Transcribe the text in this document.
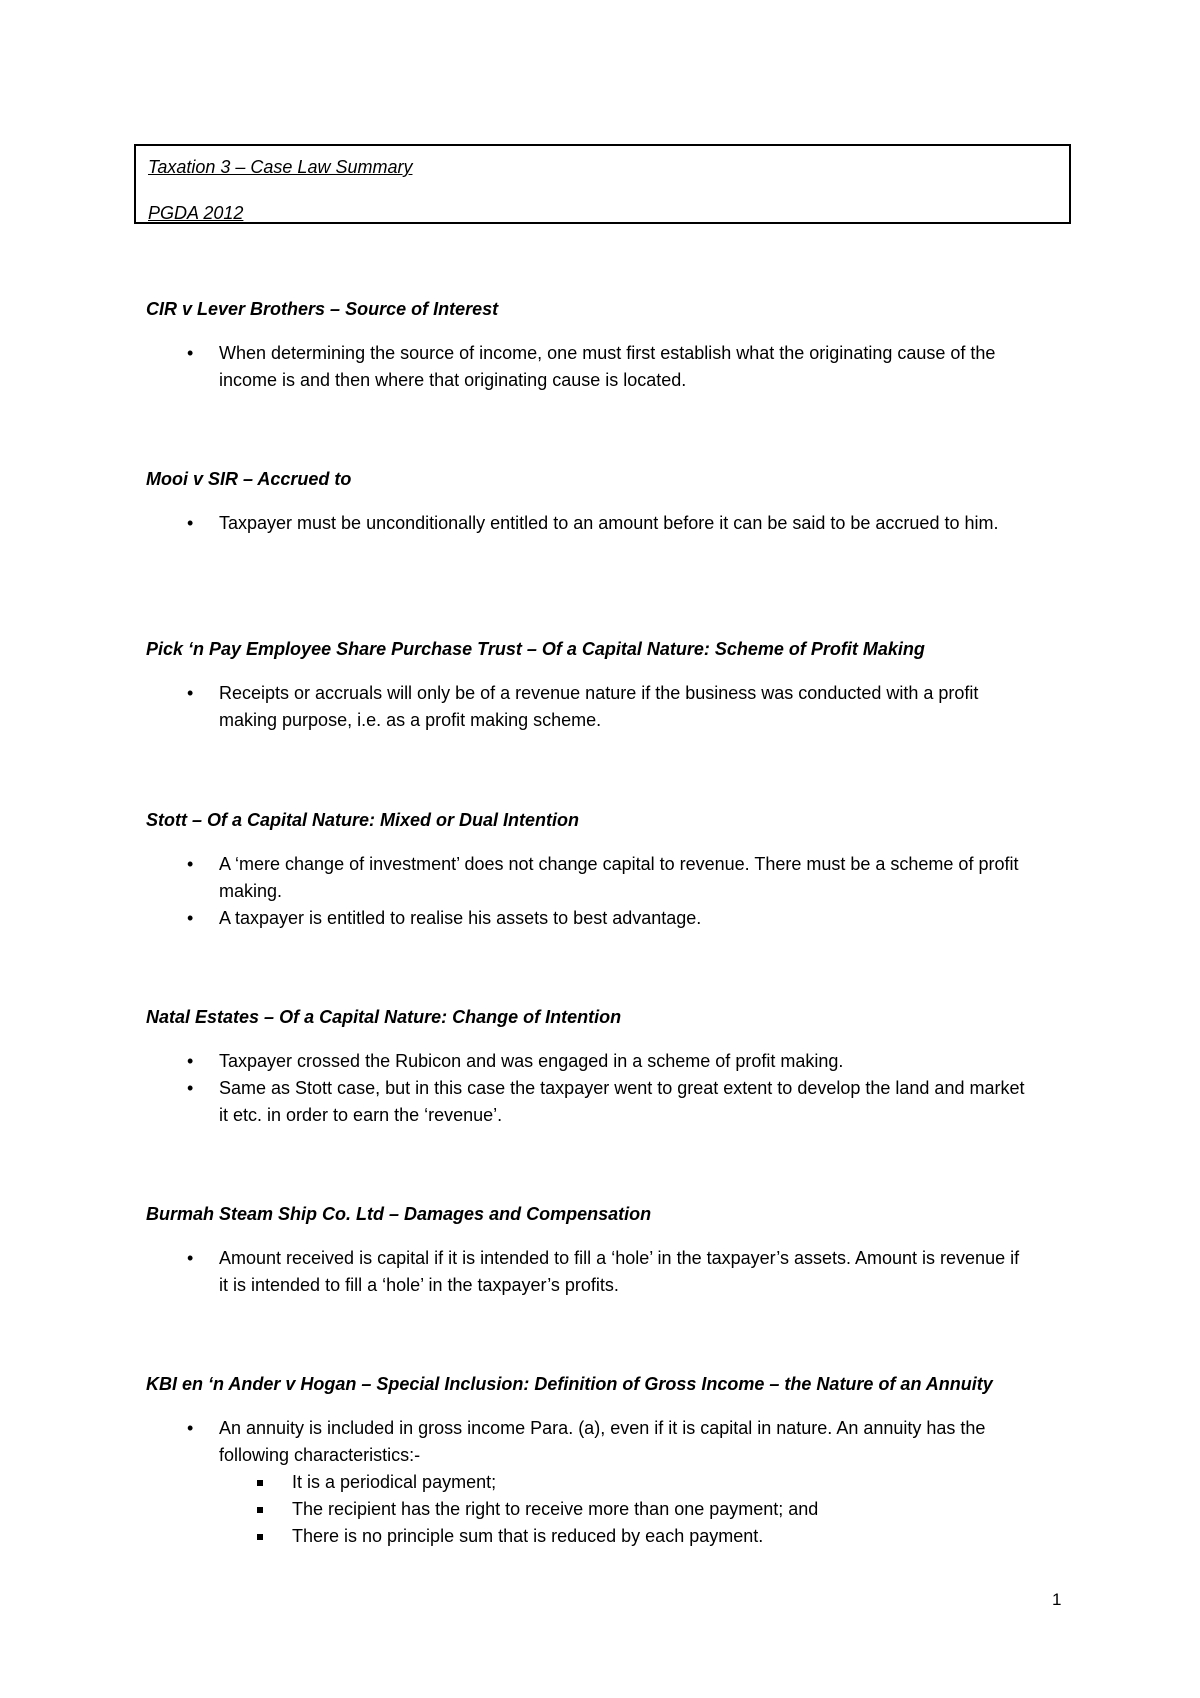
Taxation 3 – Case Law Summary
PGDA 2012
CIR v Lever Brothers – Source of Interest
• When determining the source of income, one must first establish what the originating cause of the income is and then where that originating cause is located.
Mooi v SIR – Accrued to
• Taxpayer must be unconditionally entitled to an amount before it can be said to be accrued to him.
Pick ‘n Pay Employee Share Purchase Trust – Of a Capital Nature: Scheme of Profit Making
• Receipts or accruals will only be of a revenue nature if the business was conducted with a profit making purpose, i.e. as a profit making scheme.
Stott – Of a Capital Nature: Mixed or Dual Intention
• A ‘mere change of investment’ does not change capital to revenue. There must be a scheme of profit making.
• A taxpayer is entitled to realise his assets to best advantage.
Natal Estates – Of a Capital Nature: Change of Intention
• Taxpayer crossed the Rubicon and was engaged in a scheme of profit making.
• Same as Stott case, but in this case the taxpayer went to great extent to develop the land and market it etc. in order to earn the ‘revenue’.
Burmah Steam Ship Co. Ltd – Damages and Compensation
• Amount received is capital if it is intended to fill a ‘hole’ in the taxpayer’s assets. Amount is revenue if it is intended to fill a ‘hole’ in the taxpayer’s profits.
KBI en ‘n Ander v Hogan – Special Inclusion: Definition of Gross Income – the Nature of an Annuity
• An annuity is included in gross income Para. (a), even if it is capital in nature. An annuity has the following characteristics:-
It is a periodical payment;
The recipient has the right to receive more than one payment; and
There is no principle sum that is reduced by each payment.
1
